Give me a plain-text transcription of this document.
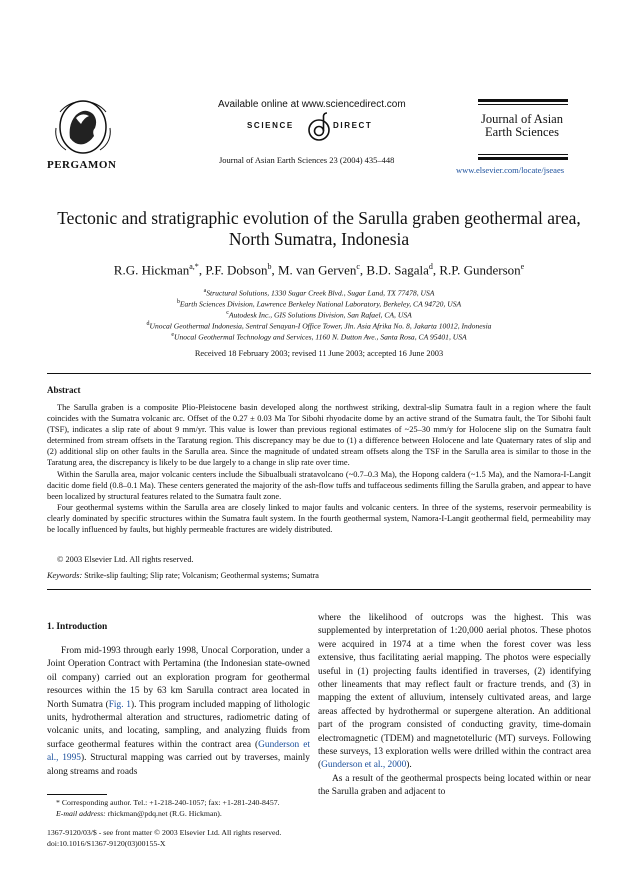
PERGAMON
Available online at www.sciencedirect.com
SCIENCE	DIRECT
Journal of Asian Earth Sciences 23 (2004) 435–448
Journal of Asian
Earth Sciences
www.elsevier.com/locate/jseaes
Tectonic and stratigraphic evolution of the Sarulla graben geothermal area, North Sumatra, Indonesia
R.G. Hickman$^{a,*}$, P.F. Dobson$^b$, M. van Gerven$^c$, B.D. Sagala$^d$, R.P. Gunderson$^e$
$^a$Structural Solutions, 1330 Sugar Creek Blvd., Sugar Land, TX 77478, USA
$^b$Earth Sciences Division, Lawrence Berkeley National Laboratory, Berkeley, CA 94720, USA
$^c$Autodesk Inc., GIS Solutions Division, San Rafael, CA, USA
$^d$Unocal Geothermal Indonesia, Sentral Senayan-I Office Tower, Jln. Asia Afrika No. 8, Jakarta 10012, Indonesia
$^e$Unocal Geothermal Technology and Services, 1160 N. Dutton Ave., Santa Rosa, CA 95401, USA
Received 18 February 2003; revised 11 June 2003; accepted 16 June 2003
Abstract

The Sarulla graben is a composite Plio-Pleistocene basin developed along the northwest striking, dextral-slip Sumatra fault in a region where the fault coincides with the Sumatra volcanic arc. Offset of the 0.27 ± 0.03 Ma Tor Sibohi rhyodacite dome by an active strand of the Sumatra fault, the Tor Sibohi fault (TSF), indicates a slip rate of about 9 mm/yr. This value is lower than previous regional estimates of ~25–30 mm/y for Holocene slip on the Sumatra fault determined from stream offsets in the Taratung region. This discrepancy may be due to (1) a difference between Holocene and late Quaternary rates of slip and (2) additional slip on other faults in the Sarulla area. Since the magnitude of undated stream offsets along the TSF in the Sarulla area is similar to those in the Taratung area, the discrepancy is likely to be due largely to a change in slip rate over time.

Within the Sarulla area, major volcanic centers include the Sibualbuali stratavolcano (~0.7–0.3 Ma), the Hopong caldera (~1.5 Ma), and the Namora-I-Langit dacitic dome field (0.8–0.1 Ma). These centers generated the majority of the ash-flow tuffs and tuffaceous sediments filling the Sarulla graben, and appear to have been localized by structural features related to the Sumatra fault zone.

Four geothermal systems within the Sarulla area are closely linked to major faults and volcanic centers. In three of the systems, reservoir permeability is clearly dominated by specific structures within the Sumatra fault system. In the fourth geothermal system, Namora-I-Langit geothermal field, permeability may be locally influenced by faults, but highly permeable fractures are widely distributed.

© 2003 Elsevier Ltd. All rights reserved.
Keywords: Strike-slip faulting; Slip rate; Volcanism; Geothermal systems; Sumatra
1. Introduction

From mid-1993 through early 1998, Unocal Corporation, under a Joint Operation Contract with Pertamina (the Indonesian state-owned oil company) carried out an exploration program for geothermal resources within the 15 by 63 km Sarulla contract area located in North Sumatra (Fig. 1). This program included mapping of lithologic units, hydrothermal alteration and structures, radiometric dating of volcanic units, and locating, sampling, and analyzing fluids from surface geothermal features within the contract area (Gunderson et al., 1995). Structural mapping was carried out by traverses, mainly along streams and roads

where the likelihood of outcrops was the highest. This was supplemented by interpretation of 1:20,000 aerial photos. These photos were acquired in 1974 at a time when the forest cover was less extensive, thus facilitating aerial mapping. The photos were especially useful in (1) projecting faults identified in traverses, (2) identifying other lineaments that may reflect fault or fracture trends, and (3) in mapping the extent of alluvium, intensely cultivated areas, and large areas affected by hydrothermal or supergene alteration. An additional part of the program consisted of conducting gravity, time-domain electromagnetic (TDEM) and magnetotelluric (MT) surveys. Following these surveys, 13 exploration wells were drilled within the contract area (Gunderson et al., 2000).

As a result of the geothermal prospects being located within or near the Sarulla graben and adjacent to

* Corresponding author. Tel.: +1-218-240-1057; fax: +1-281-240-8457.
E-mail address: rhickman@pdq.net (R.G. Hickman).
1367-9120/03/$ - see front matter © 2003 Elsevier Ltd. All rights reserved.
doi:10.1016/S1367-9120(03)00155-X
